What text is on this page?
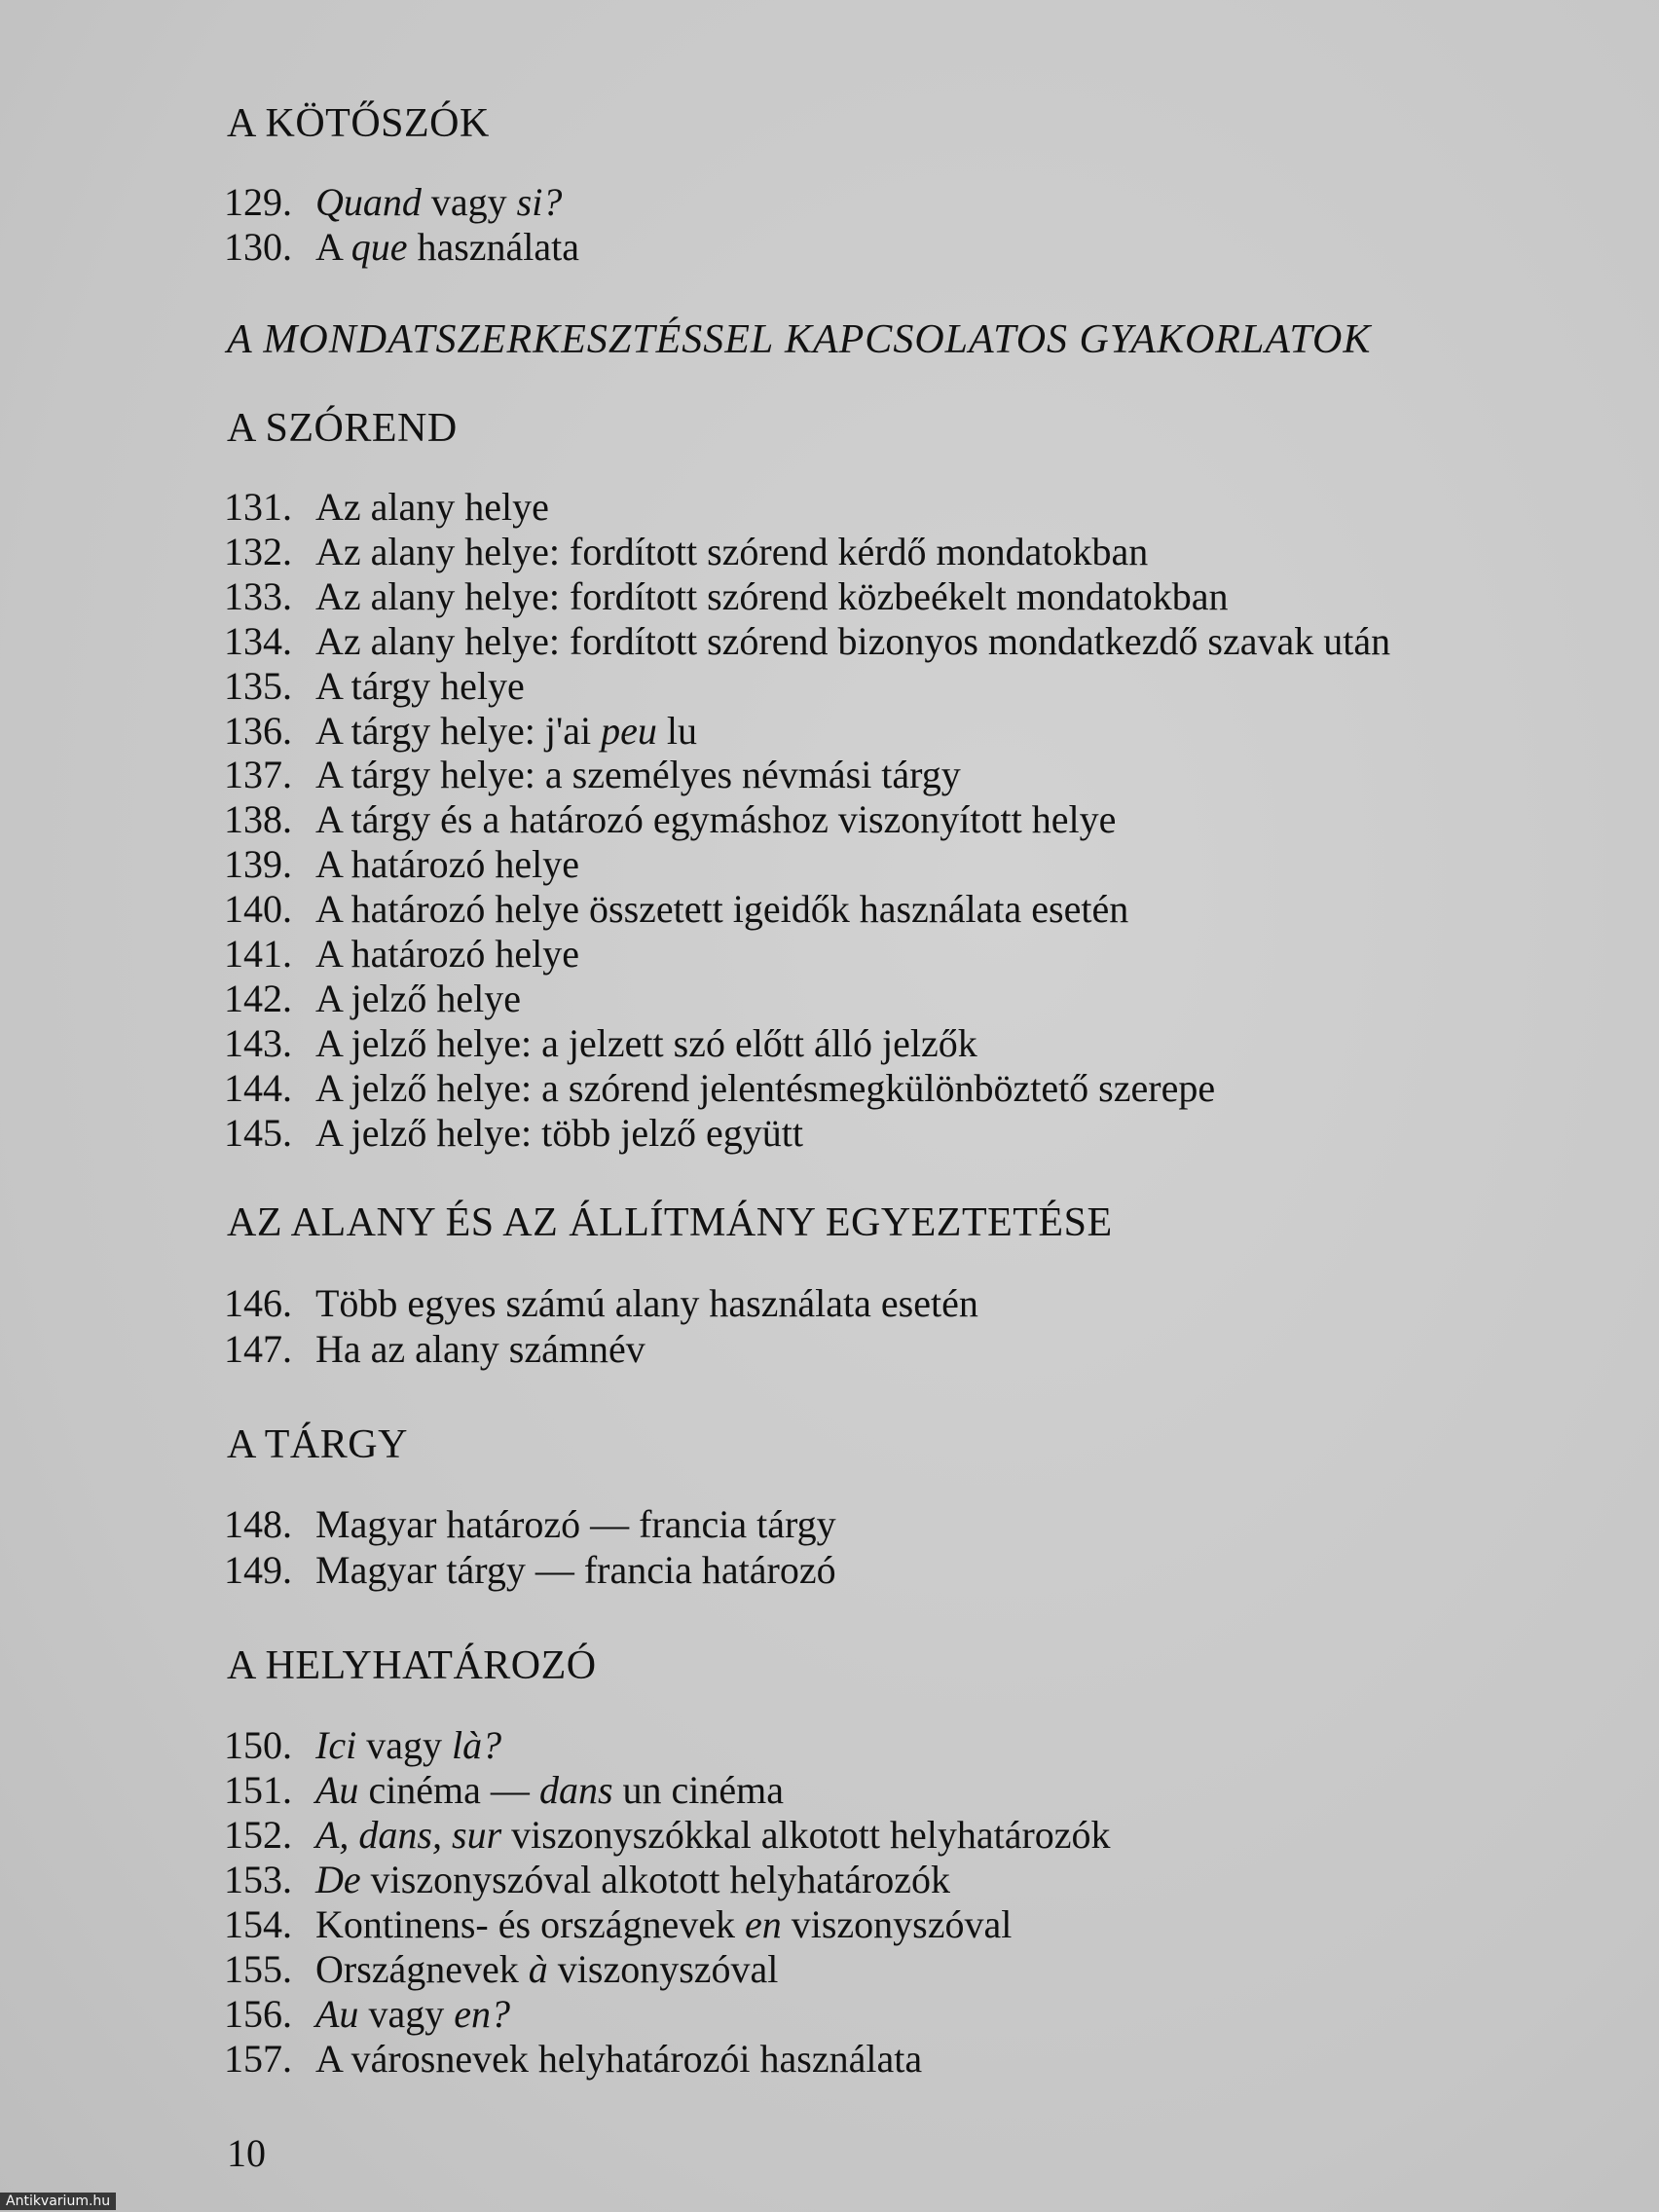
A KÖTŐSZÓK
129. Quand vagy si?
130. A que használata
A MONDATSZERKESZTÉSSEL KAPCSOLATOS GYAKORLATOK
A SZÓREND
131. Az alany helye
132. Az alany helye: fordított szórend kérdő mondatokban
133. Az alany helye: fordított szórend közbeékelt mondatokban
134. Az alany helye: fordított szórend bizonyos mondatkezdő szavak után
135. A tárgy helye
136. A tárgy helye: j'ai peu lu
137. A tárgy helye: a személyes névmási tárgy
138. A tárgy és a határozó egymáshoz viszonyított helye
139. A határozó helye
140. A határozó helye összetett igeidők használata esetén
141. A határozó helye
142. A jelző helye
143. A jelző helye: a jelzett szó előtt álló jelzők
144. A jelző helye: a szórend jelentésmegkülönböztető szerepe
145. A jelző helye: több jelző együtt
AZ ALANY ÉS AZ ÁLLÍTMÁNY EGYEZTETÉSE
146. Több egyes számú alany használata esetén
147. Ha az alany számnév
A TÁRGY
148. Magyar határozó — francia tárgy
149. Magyar tárgy — francia határozó
A HELYHATÁROZÓ
150. Ici vagy là?
151. Au cinéma — dans un cinéma
152. A, dans, sur viszonyszókkal alkotott helyhatározók
153. De viszonyszóval alkotott helyhatározók
154. Kontinens- és országnevek en viszonyszóval
155. Országnevek à viszonyszóval
156. Au vagy en?
157. A városnevek helyhatározói használata
10
Antikvarium.hu
